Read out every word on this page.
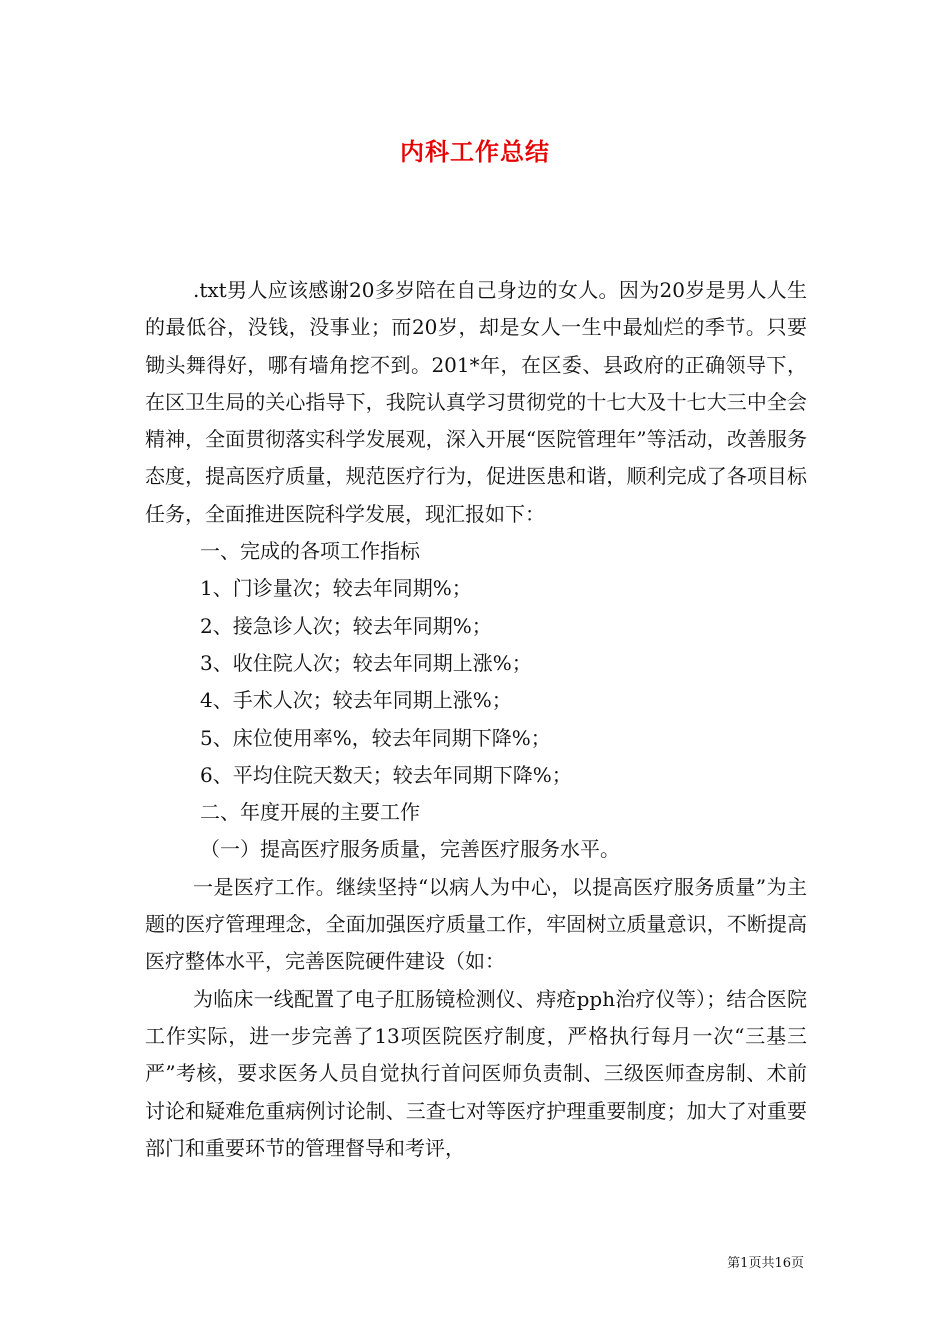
内科工作总结

.txt男人应该感谢20多岁陪在自己身边的女人。因为20岁是男人人生的最低谷，没钱，没事业；而20岁，却是女人一生中最灿烂的季节。只要锄头舞得好，哪有墙角挖不到。201*年，在区委、县政府的正确领导下，在区卫生局的关心指导下，我院认真学习贯彻党的十七大及十七大三中全会精神，全面贯彻落实科学发展观，深入开展“医院管理年”等活动，改善服务态度，提高医疗质量，规范医疗行为，促进医患和谐，顺利完成了各项目标任务，全面推进医院科学发展，现汇报如下：

一、完成的各项工作指标

1、门诊量次；较去年同期%；

2、接急诊人次；较去年同期%；

3、收住院人次；较去年同期上涨%；

4、手术人次；较去年同期上涨%；

5、床位使用率%，较去年同期下降%；

6、平均住院天数天；较去年同期下降%；

二、年度开展的主要工作

（一）提高医疗服务质量，完善医疗服务水平。

一是医疗工作。继续坚持“以病人为中心，以提高医疗服务质量”为主题的医疗管理理念，全面加强医疗质量工作，牢固树立质量意识，不断提高医疗整体水平，完善医院硬件建设（如：

为临床一线配置了电子肛肠镜检测仪、痔疮pph治疗仪等）；结合医院工作实际，进一步完善了13项医院医疗制度，严格执行每月一次“三基三严”考核，要求医务人员自觉执行首问医师负责制、三级医师查房制、术前讨论和疑难危重病例讨论制、三查七对等医疗护理重要制度；加大了对重要部门和重要环节的管理督导和考评，

第1页共16页
